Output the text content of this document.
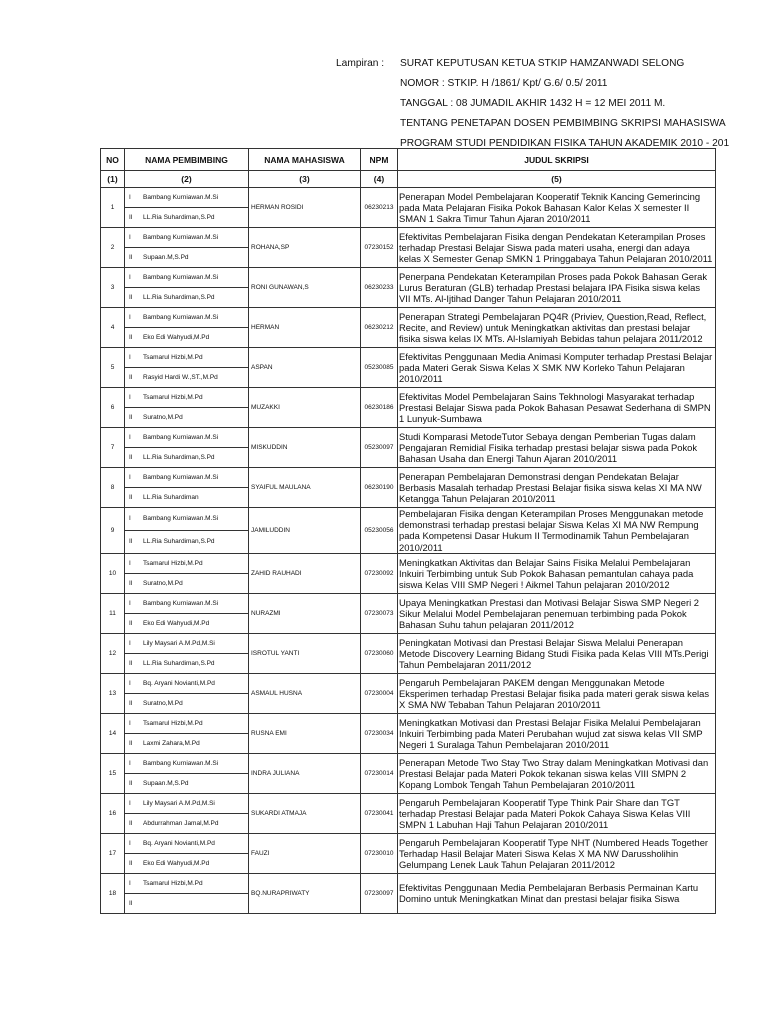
Lampiran :	SURAT KEPUTUSAN KETUA STKIP HAMZANWADI SELONG
NOMOR : STKIP. H /1861/ Kpt/ G.6/ 0.5/ 2011
TANGGAL : 08 JUMADIL AKHIR 1432 H = 12 MEI 2011 M.
TENTANG PENETAPAN DOSEN PEMBIMBING SKRIPSI MAHASISWA
PROGRAM STUDI PENDIDIKAN FISIKA TAHUN AKADEMIK 2010 - 201
NO	NAMA PEMBIMBING	NAMA MAHASISWA	NPM	JUDUL SKRIPSI
(1)	(2)	(3)	(4)	(5)
1	I Bambang Kurniawan.M.Si	HERMAN ROSIDI	06230213	Penerapan Model Pembelajaran Kooperatif Teknik Kancing Gemerincing pada Mata Pelajaran Fisika Pokok Bahasan Kalor Kelas X semester II SMAN 1 Sakra Timur Tahun Ajaran 2010/2011
	II LL.Ria Suhardiman,S.Pd			
2	I Bambang Kurniawan.M.Si	ROHANA,SP	07230152	Efektivitas Pembelajaran Fisika dengan Pendekatan Keterampilan Proses terhadap Prestasi Belajar Siswa pada materi usaha, energi dan adaya kelas X Semester Genap SMKN 1 Pringgabaya Tahun Pelajaran 2010/2011
	II Supaan.M,S.Pd			
3	I Bambang Kurniawan.M.Si	RONI GUNAWAN,S	06230233	Penerpana Pendekatan Keterampilan Proses pada Pokok Bahasan Gerak Lurus Beraturan (GLB) terhadap Prestasi belajara IPA Fisika siswa kelas VII MTs. Al-Ijtihad Danger Tahun Pelajaran 2010/2011
	II LL.Ria Suhardiman,S.Pd			
4	I Bambang Kurniawan.M.Si	HERMAN	06230212	Penerapan Strategi Pembelajaran PQ4R (Priviev, Question,Read, Reflect, Recite, and Review) untuk Meningkatkan aktivitas dan prestasi belajar fisika siswa kelas IX MTs. Al-Islamiyah Bebidas tahun pelajara 2011/2012
	II Eko Edi Wahyudi,M.Pd			
5	I Tsamarul Hizbi,M.Pd	ASPAN	05230085	Efektivitas Penggunaan Media Animasi Komputer terhadap Prestasi Belajar pada Materi Gerak Siswa Kelas X SMK NW Korleko Tahun Pelajaran 2010/2011
	II Rasyid Hardi W.,ST.,M.Pd			
6	I Tsamarul Hizbi,M.Pd	MUZAKKI	06230186	Efektivitas Model Pembelajaran Sains Tekhnologi Masyarakat terhadap Prestasi Belajar Siswa pada Pokok Bahasan Pesawat Sederhana di SMPN 1 Lunyuk-Sumbawa
	II Suratno,M.Pd			
7	I Bambang Kurniawan.M.Si	MISKUDDIN	05230097	Studi Komparasi MetodeTutor Sebaya dengan Pemberian Tugas dalam Pengajaran Remidial Fisika terhadap prestasi belajar siswa pada Pokok Bahasan Usaha dan Energi Tahun Ajaran 2010/2011
	II LL.Ria Suhardiman,S.Pd			
8	I Bambang Kurniawan.M.Si	SYAIFUL MAULANA	06230190	Penerapan Pembelajaran Demonstrasi dengan Pendekatan Belajar Berbasis Masalah terhadap Prestasi Belajar fisika siswa kelas XI MA NW Ketangga Tahun Pelajaran 2010/2011
	II LL.Ria Suhardiman			
9	I Bambang Kurniawan.M.Si	JAMILUDDIN	05230056	Pembelajaran Fisika dengan Keterampilan Proses Menggunakan metode demonstrasi terhadap prestasi belajar Siswa Kelas XI MA NW Rempung pada Kompetensi Dasar Hukum II Termodinamik Tahun Pembelajaran 2010/2011
	II LL.Ria Suhardiman,S.Pd			
10	I Tsamarul Hizbi,M.Pd	ZAHID RAUHADI	07230092	Meningkatkan Aktivitas dan Belajar Sains Fisika Melalui Pembelajaran Inkuiri Terbimbing untuk Sub Pokok Bahasan pemantulan cahaya pada siswa Kelas VIII SMP Negeri ! Aikmel Tahun pelajaran 2010/2012
	II Suratno,M.Pd			
11	I Bambang Kurniawan.M.Si	NURAZMI	07230073	Upaya Meningkatkan Prestasi dan Motivasi Belajar Siswa SMP Negeri 2 Sikur Melalui Model Pembelajaran penemuan terbimbing pada Pokok Bahasan Suhu tahun pelajaran 2011/2012
	II Eko Edi Wahyudi,M.Pd			
12	I Lily Maysari A.M.Pd,M.Si	ISROTUL YANTI	07230060	Peningkatan Motivasi dan Prestasi Belajar Siswa Melalui Penerapan Metode Discovery Learning Bidang Studi Fisika pada Kelas VIII MTs.Perigi Tahun Pembelajaran 2011/2012
	II LL.Ria Suhardiman,S.Pd			
13	I Bq. Aryani Novianti,M.Pd	ASMAUL HUSNA	07230004	Pengaruh Pembelajaran PAKEM dengan Menggunakan Metode Eksperimen terhadap Prestasi Belajar fisika pada materi gerak siswa kelas X SMA NW Tebaban Tahun Pelajaran 2010/2011
	II Suratno,M.Pd			
14	I Tsamarul Hizbi,M.Pd	RUSNA EMI	07230034	Meningkatkan Motivasi dan Prestasi Belajar Fisika Melalui Pembelajaran Inkuiri Terbimbing pada Materi Perubahan wujud zat siswa kelas VII SMP Negeri 1 Suralaga Tahun Pembelajaran 2010/2011
	II Laxmi Zahara,M.Pd			
15	I Bambang Kurniawan.M.Si	INDRA JULIANA	07230014	Penerapan Metode Two Stay Two Stray dalam Meningkatkan Motivasi dan Prestasi Belajar pada Materi Pokok tekanan siswa kelas VIII SMPN 2 Kopang Lombok Tengah Tahun Pembelajaran 2010/2011
	II Supaan.M,S.Pd			
16	I Lily Maysari A.M.Pd,M.Si	SUKARDI ATMAJA	07230041	Pengaruh Pembelajaran Kooperatif Type Think Pair Share dan TGT terhadap Prestasi Belajar pada Materi Pokok Cahaya Siswa Kelas VIII SMPN 1 Labuhan Haji Tahun Pelajaran 2010/2011
	II Abdurrahman Jamal,M.Pd			
17	I Bq. Aryani Novianti,M.Pd	FAUZI	07230010	Pengaruh Pembelajaran Kooperatif Type NHT (Numbered Heads Together Terhadap Hasil Belajar Materi Siswa Kelas X MA NW Darussholihin Gelumpang Lenek Lauk Tahun Pelajaran 2011/2012
	II Eko Edi Wahyudi,M.Pd			
18	I Tsamarul Hizbi,M.Pd	BQ.NURAPRIWATY	07230097	Efektivitas Penggunaan Media Pembelajaran Berbasis Permainan Kartu Domino untuk Meningkatkan Minat dan prestasi belajar fisika Siswa
	II			
